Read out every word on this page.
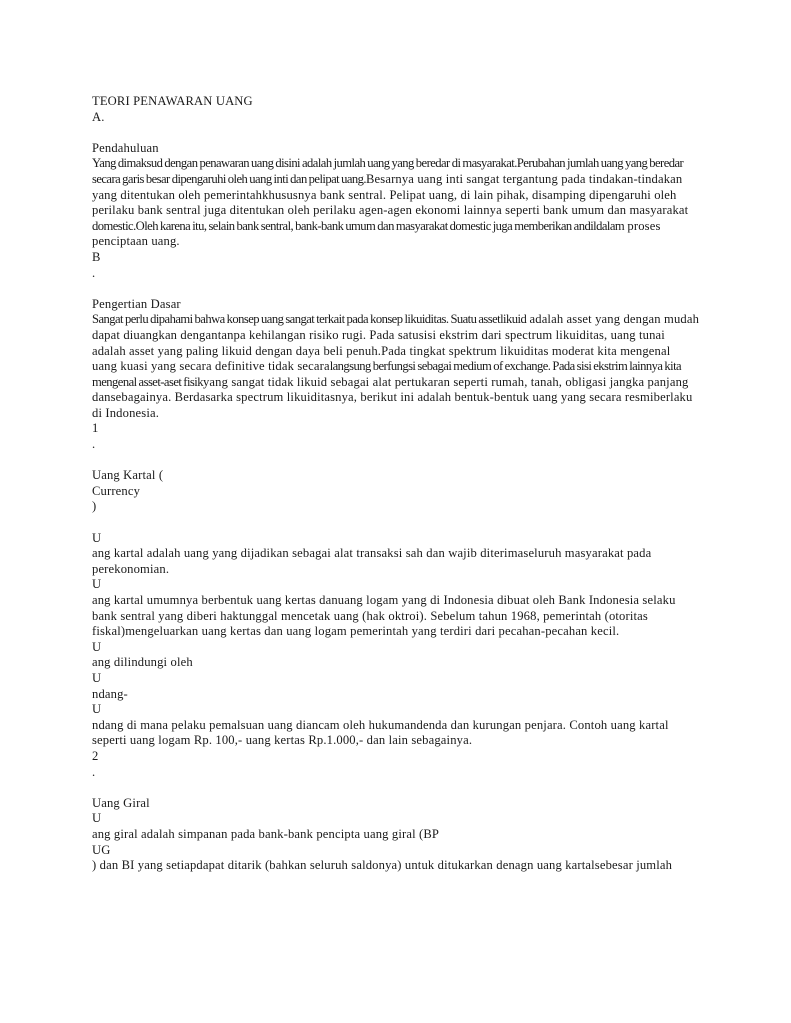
TEORI PENAWARAN UANG
A.
Pendahuluan
Yang dimaksud dengan penawaran uang disini adalah jumlah uang yang beredar di masyarakat.Perubahan jumlah uang yang beredar
secara garis besar dipengaruhi oleh uang inti dan pelipat uang.Besarnya uang inti sangat tergantung pada tindakan-tindakan
yang ditentukan oleh pemerintahkhususnya bank sentral. Pelipat uang, di lain pihak, disamping dipengaruhi oleh
perilaku bank sentral juga ditentukan oleh perilaku agen-agen ekonomi lainnya seperti bank umum dan masyarakat
domestic.Oleh karena itu, selain bank sentral, bank-bank umum dan masyarakat domestic juga memberikan andildalam proses
penciptaan uang.
B
.
Pengertian Dasar
Sangat perlu dipahami bahwa konsep uang sangat terkait pada konsep likuiditas. Suatu assetlikuid adalah asset yang dengan mudah
dapat diuangkan dengantanpa kehilangan risiko rugi. Pada satusisi ekstrim dari spectrum likuiditas, uang tunai
adalah asset yang paling likuid dengan daya beli penuh.Pada tingkat spektrum likuiditas moderat kita mengenal
uang kuasi yang secara definitive tidak secaralangsung berfungsi sebagai medium of exchange. Pada sisi ekstrim lainnya kita
mengenal asset-aset fisikyang sangat tidak likuid sebagai alat pertukaran seperti rumah, tanah, obligasi jangka panjang
dansebagainya. Berdasarka spectrum likuiditasnya, berikut ini adalah bentuk-bentuk uang yang secara resmiberlaku
di Indonesia.
1
.
Uang Kartal (
Currency
)
U
ang kartal adalah uang yang dijadikan sebagai alat transaksi sah dan wajib diterimaseluruh masyarakat pada
perekonomian.
U
ang kartal umumnya berbentuk uang kertas danuang logam yang di Indonesia dibuat oleh Bank Indonesia selaku
bank sentral yang diberi haktunggal mencetak uang (hak oktroi). Sebelum tahun 1968, pemerintah (otoritas
fiskal)mengeluarkan uang kertas dan uang logam pemerintah yang terdiri dari pecahan-pecahan kecil.
U
ang dilindungi oleh
U
ndang-
U
ndang di mana pelaku pemalsuan uang diancam oleh hukumandenda dan kurungan penjara. Contoh uang kartal
seperti uang logam Rp. 100,- uang kertas Rp.1.000,- dan lain sebagainya.
2
.
Uang Giral
U
ang giral adalah simpanan pada bank-bank pencipta uang giral (BP
UG
) dan BI yang setiapdapat ditarik (bahkan seluruh saldonya) untuk ditukarkan denagn uang kartalsebesar jumlah
